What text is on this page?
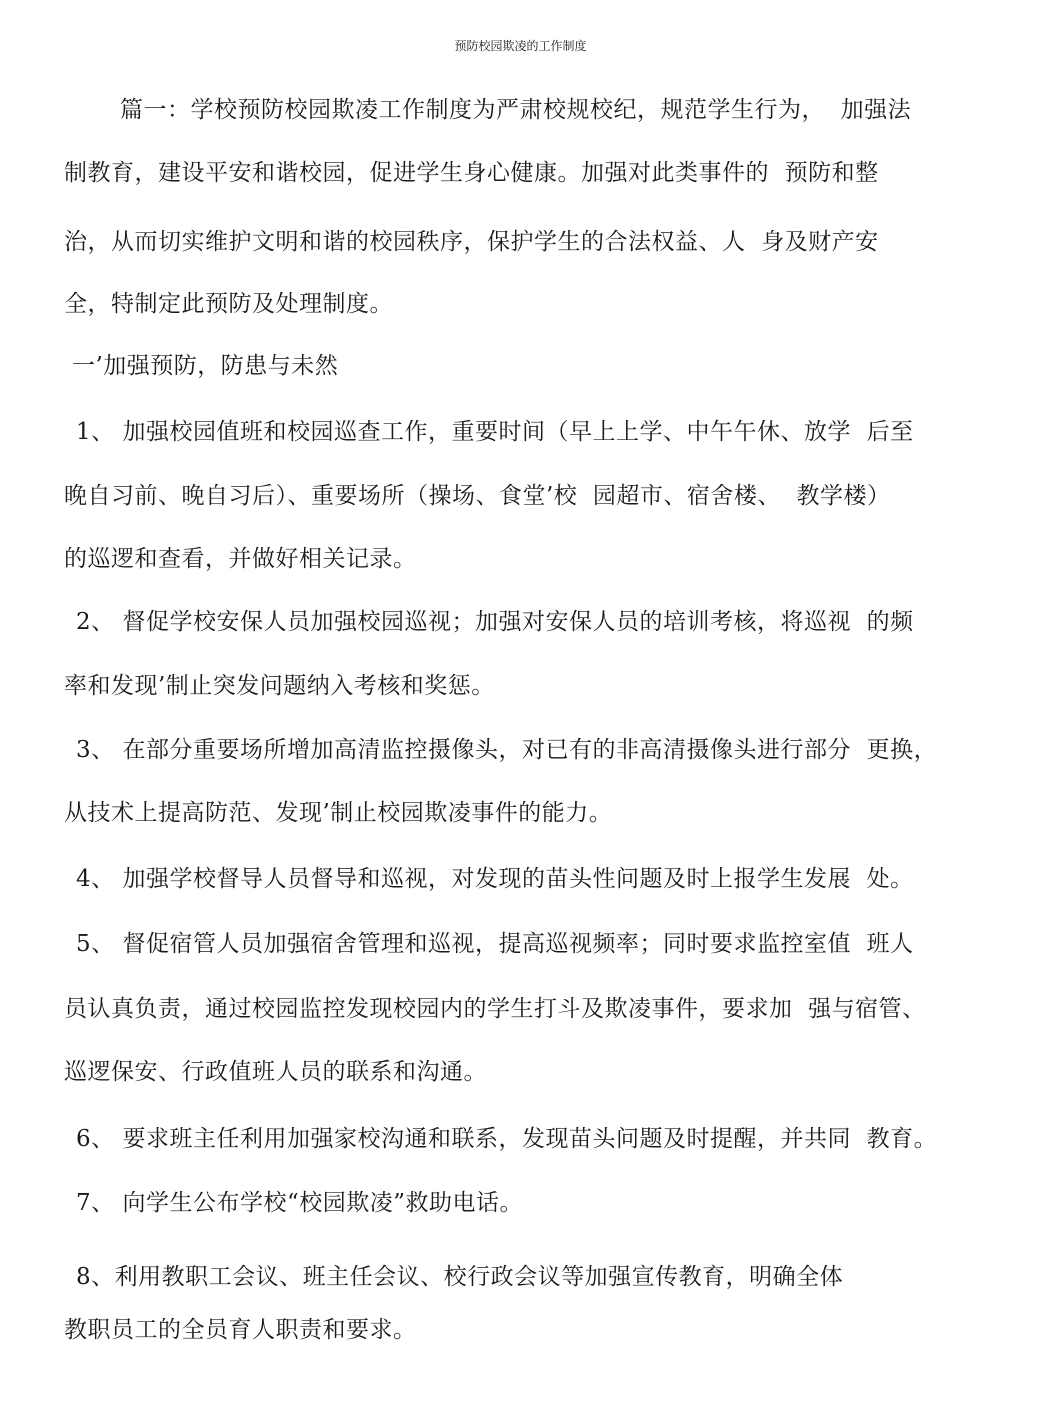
预防校园欺凌的工作制度
篇一：学校预防校园欺凌工作制度为严肃校规校纪，规范学生行为，  加强法
制教育，建设平安和谐校园，促进学生身心健康。加强对此类事件的  预防和整
治，从而切实维护文明和谐的校园秩序，保护学生的合法权益、人  身及财产安
全，特制定此预防及处理制度。
一’加强预防，防患与未然
1、 加强校园值班和校园巡查工作，重要时间（早上上学、中午午休、放学  后至
晚自习前、晚自习后）、重要场所（操场、食堂’校  园超市、宿舍楼、  教学楼）
的巡逻和查看，并做好相关记录。
2、 督促学校安保人员加强校园巡视；加强对安保人员的培训考核，将巡视  的频
率和发现’制止突发问题纳入考核和奖惩。
3、 在部分重要场所增加高清监控摄像头，对已有的非高清摄像头进行部分  更换，
从技术上提高防范、发现’制止校园欺凌事件的能力。
4、 加强学校督导人员督导和巡视，对发现的苗头性问题及时上报学生发展  处。
5、 督促宿管人员加强宿舍管理和巡视，提高巡视频率；同时要求监控室值  班人
员认真负责，通过校园监控发现校园内的学生打斗及欺凌事件，要求加  强与宿管、
巡逻保安、行政值班人员的联系和沟通。
6、 要求班主任利用加强家校沟通和联系，发现苗头问题及时提醒，并共同  教育。
7、 向学生公布学校“校园欺凌”救助电话。
8、利用教职工会议、班主任会议、校行政会议等加强宣传教育，明确全体
教职员工的全员育人职责和要求。
